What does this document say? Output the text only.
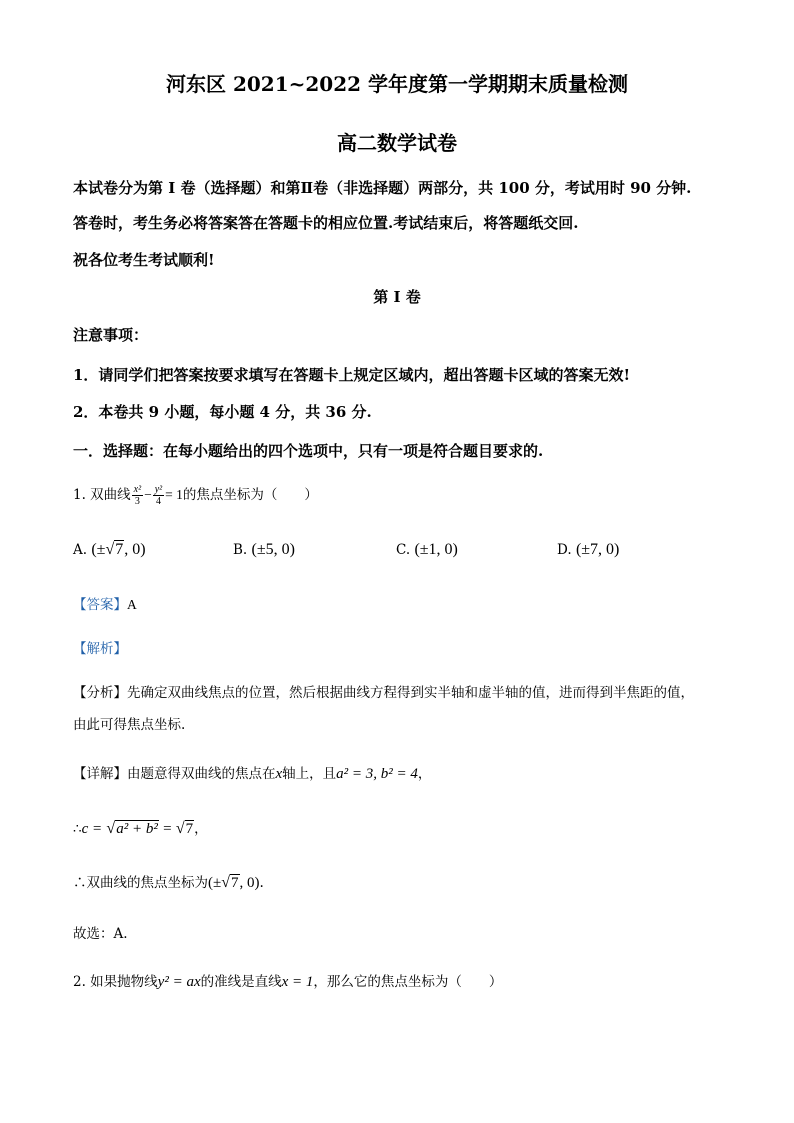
河东区 2021~2022 学年度第一学期期末质量检测
高二数学试卷
本试卷分为第 I 卷（选择题）和第Ⅱ卷（非选择题）两部分，共 100 分，考试用时 90 分钟.
答卷时，考生务必将答案答在答题卡的相应位置.考试结束后，将答题纸交回.
祝各位考生考试顺利!
第 I 卷
注意事项：
1．请同学们把答案按要求填写在答题卡上规定区域内，超出答题卡区域的答案无效!
2．本卷共 9 小题，每小题 4 分，共 36 分.
一．选择题：在每小题给出的四个选项中，只有一项是符合题目要求的.
1. 双曲线 $\frac{\text{x²}}{3} - \frac{\text{y²}}{4} = 1$的焦点坐标为（　　）
A. (±√7, 0)	B. (±5, 0)	C. (±1, 0)	D. (±7, 0)
【答案】A
【解析】
【分析】先确定双曲线焦点的位置，然后根据曲线方程得到实半轴和虚半轴的值，进而得到半焦距的值，
由此可得焦点坐标.
【详解】由题意得双曲线的焦点在x轴上，且a² = 3, b² = 4，
∴c = √a² + b² = √7，
∴双曲线的焦点坐标为(±√7, 0).
故选：A.
2. 如果抛物线y² = ax的准线是直线x = 1，那么它的焦点坐标为（　　）
